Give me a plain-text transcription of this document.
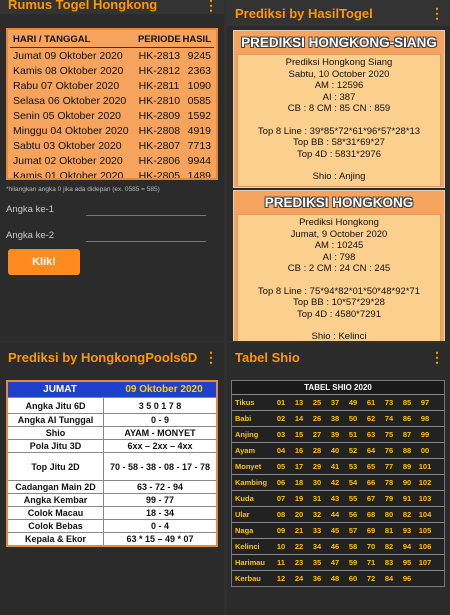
Rumus Togel Hongkong	⋮
HARI / TANGGAL	PERIODE HASIL
Jumat 09 Oktober 2020	HK-2813 9245
Kamis 08 Oktober 2020	HK-2812 2363
Rabu 07 Oktober 2020	HK-2811 1090
Selasa 06 Oktober 2020	HK-2810 0585
Senin 05 Oktober 2020	HK-2809 1592
Minggu 04 Oktober 2020 HK-2808 4919
Sabtu 03 Oktober 2020	HK-2807 7713
Jumat 02 Oktober 2020	HK-2806 9944
Kamis 01 Oktober 2020	HK-2805 1489
*hilangkan angka 0 jika ada didepan (ex. 0585 = 585)
Angka ke-1
Angka ke-2
Klik!
Prediksi by HasilTogel	⋮
PREDIKSI HONGKONG-SIANG
Prediksi Hongkong Siang
Sabtu, 10 October 2020
AM : 12596
AI : 387
CB : 8 CM : 85 CN : 859
Top 8 Line : 39*85*72*61*96*57*28*13
Top BB : 58*31*69*27
Top 4D : 5831*2976
Shio : Anjing
PREDIKSI HONGKONG
Prediksi Hongkong
Jumat, 9 October 2020
AM : 10245
AI : 798
CB : 2 CM : 24 CN : 245
Top 8 Line : 75*94*82*01*50*48*92*71
Top BB : 10*57*29*28
Top 4D : 4580*7291
Shio : Kelinci
Prediksi by HongkongPools6D ⋮
JUMAT	09 Oktober 2020
Angka Jitu 6D	3 5 0 1 7 8
Angka AI Tunggal	0 - 9
Shio	AYAM - MONYET
Pola Jitu 3D	6xx – 2xx – 4xx
Top Jitu 2D	70 - 58 - 38 - 08 - 17 - 78
Cadangan Main 2D	63 - 72 - 94
Angka Kembar	99 - 77
Colok Macau	18 - 34
Colok Bebas	0 - 4
Kepala & Ekor	63 * 15 – 49 * 07
Tabel Shio	⋮
TABEL SHIO 2020
Tikus	01	13	25	37	49	61	73	85	97
Babi	02	14	26	38	50	62	74	86	98
Anjing	03	15	27	39	51	63	75	87	99
Ayam	04	16	28	40	52	64	76	88	00
Monyet	05	17	29	41	53	65	77	89	101
Kambing	06	18	30	42	54	66	78	90	102
Kuda	07	19	31	43	55	67	79	91	103
Ular	08	20	32	44	56	68	80	82	104
Naga	09	21	33	45	57	69	81	93	105
Kelinci	10	22	34	46	58	70	82	94	106
Harimau	11	23	35	47	59	71	83	95	107
Kerbau	12	24	36	48	60	72	84	96
